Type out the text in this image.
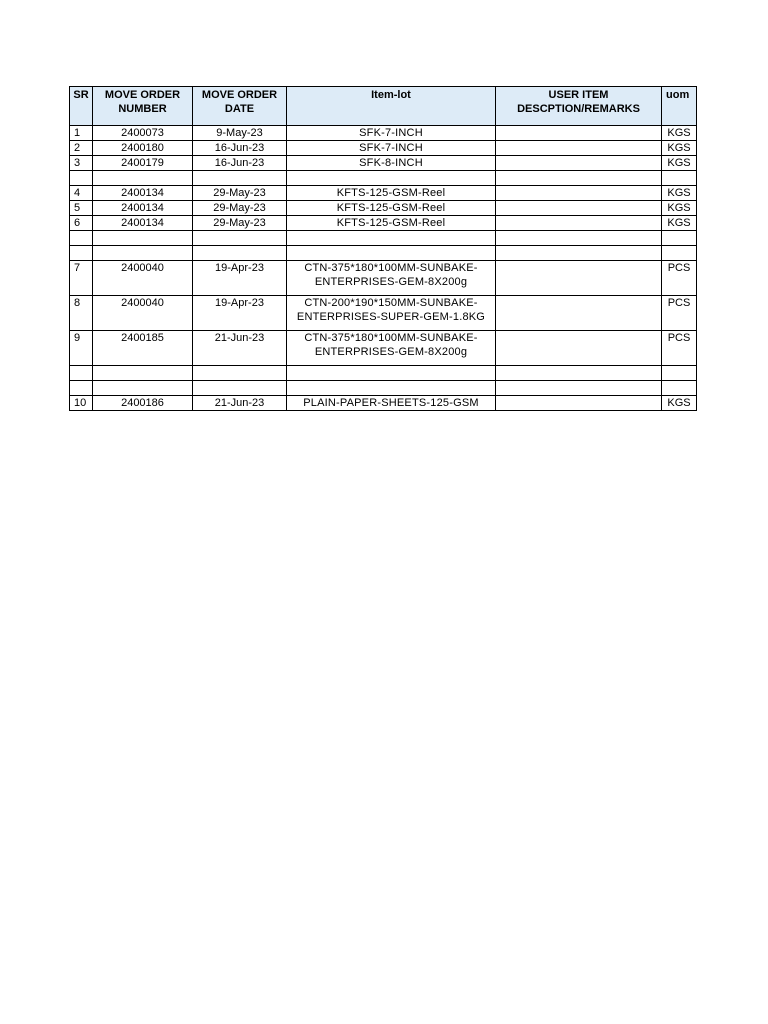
SR	MOVE ORDER NUMBER	MOVE ORDER DATE	Item-lot	USER ITEM DESCPTION/REMARKS	uom
1	2400073	9-May-23	SFK-7-INCH		KGS
2	2400180	16-Jun-23	SFK-7-INCH		KGS
3	2400179	16-Jun-23	SFK-8-INCH		KGS

4	2400134	29-May-23	KFTS-125-GSM-Reel		KGS
5	2400134	29-May-23	KFTS-125-GSM-Reel		KGS
6	2400134	29-May-23	KFTS-125-GSM-Reel		KGS

7	2400040	19-Apr-23	CTN-375*180*100MM-SUNBAKE-ENTERPRISES-GEM-8X200g		PCS
8	2400040	19-Apr-23	CTN-200*190*150MM-SUNBAKE-ENTERPRISES-SUPER-GEM-1.8KG		PCS
9	2400185	21-Jun-23	CTN-375*180*100MM-SUNBAKE-ENTERPRISES-GEM-8X200g		PCS

10	2400186	21-Jun-23	PLAIN-PAPER-SHEETS-125-GSM		KGS
